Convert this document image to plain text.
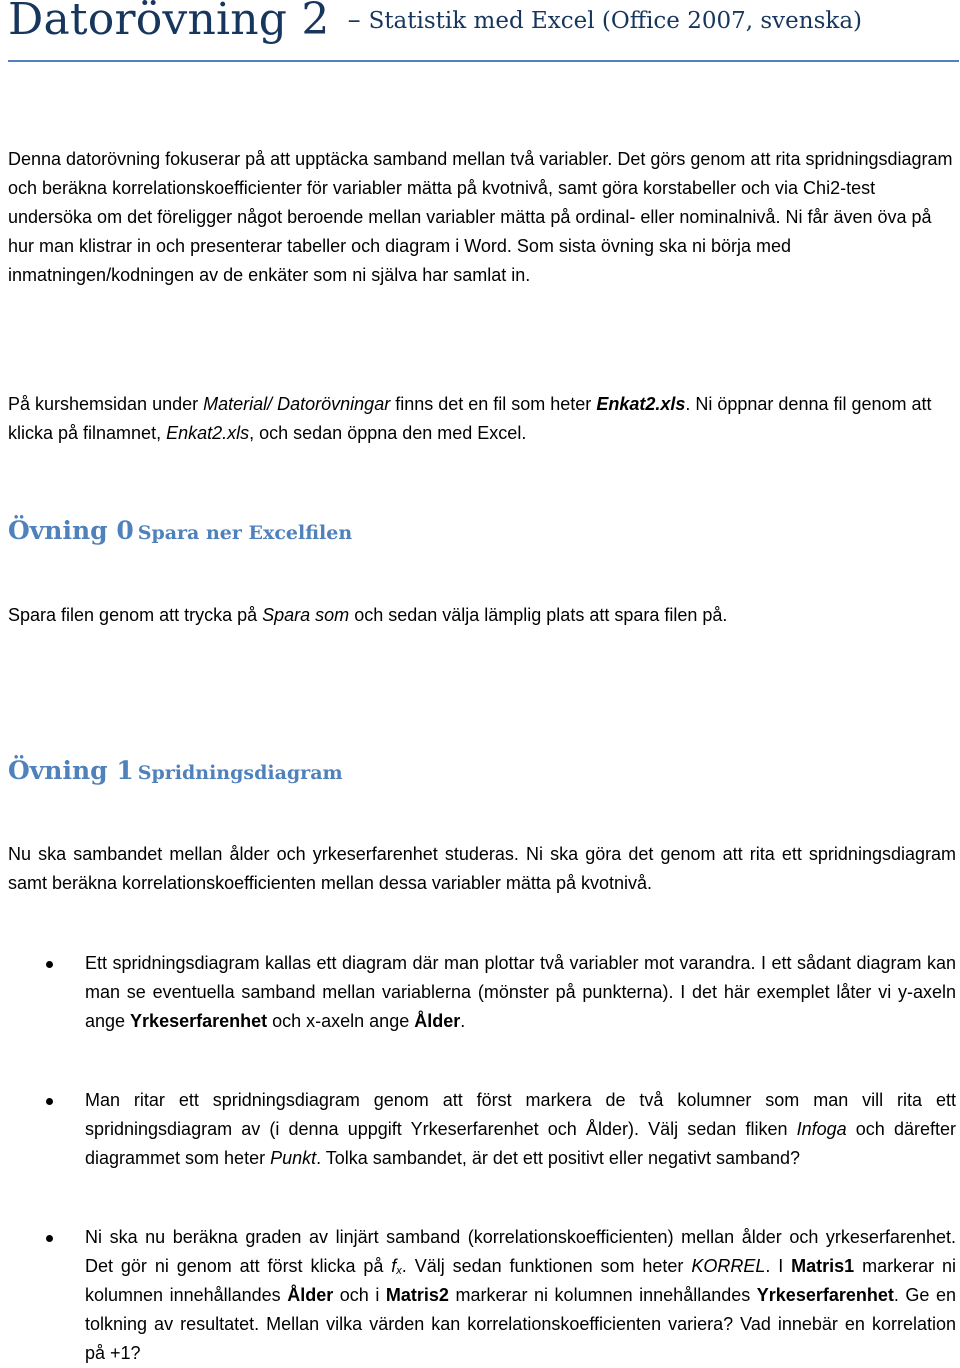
Datorövning 2 – Statistik med Excel (Office 2007, svenska)

Denna datorövning fokuserar på att upptäcka samband mellan två variabler. Det görs genom att rita spridningsdiagram och beräkna korrelationskoefficienter för variabler mätta på kvotnivå, samt göra korstabeller och via Chi2-test undersöka om det föreligger något beroende mellan variabler mätta på ordinal- eller nominalnivå. Ni får även öva på hur man klistrar in och presenterar tabeller och diagram i Word. Som sista övning ska ni börja med inmatningen/kodningen av de enkäter som ni själva har samlat in.

På kurshemsidan under Material/ Datorövningar finns det en fil som heter Enkat2.xls. Ni öppnar denna fil genom att klicka på filnamnet, Enkat2.xls, och sedan öppna den med Excel.

Övning 0 Spara ner Excelfilen

Spara filen genom att trycka på Spara som och sedan välja lämplig plats att spara filen på.

Övning 1 Spridningsdiagram

Nu ska sambandet mellan ålder och yrkeserfarenhet studeras. Ni ska göra det genom att rita ett spridningsdiagram samt beräkna korrelationskoefficienten mellan dessa variabler mätta på kvotnivå.

Ett spridningsdiagram kallas ett diagram där man plottar två variabler mot varandra. I ett sådant diagram kan man se eventuella samband mellan variablerna (mönster på punkterna). I det här exemplet låter vi y-axeln ange Yrkeserfarenhet och x-axeln ange Ålder.

Man ritar ett spridningsdiagram genom att först markera de två kolumner som man vill rita ett spridningsdiagram av (i denna uppgift Yrkeserfarenhet och Ålder). Välj sedan fliken Infoga och därefter diagrammet som heter Punkt. Tolka sambandet, är det ett positivt eller negativt samband?

Ni ska nu beräkna graden av linjärt samband (korrelationskoefficienten) mellan ålder och yrkeserfarenhet. Det gör ni genom att först klicka på $f_x$. Välj sedan funktionen som heter KORREL. I Matris1 markerar ni kolumnen innehållandes Ålder och i Matris2 markerar ni kolumnen innehållandes Yrkeserfarenhet. Ge en tolkning av resultatet. Mellan vilka värden kan korrelationskoefficienten variera? Vad innebär en korrelation på +1?
